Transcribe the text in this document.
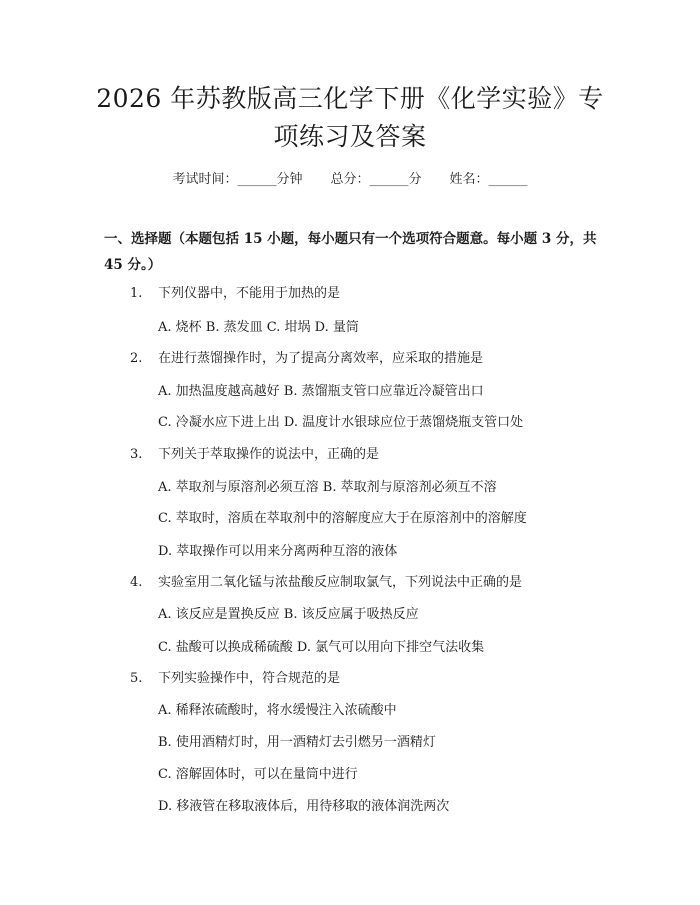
2026 年苏教版高三化学下册《化学实验》专
项练习及答案
考试时间：______分钟 总分：______分 姓名：______
一、选择题（本题包括 15 小题，每小题只有一个选项符合题意。每小题 3 分，共 45 分。）
1. 下列仪器中，不能用于加热的是
A. 烧杯 B. 蒸发皿 C. 坩埚 D. 量筒
2. 在进行蒸馏操作时，为了提高分离效率，应采取的措施是
A. 加热温度越高越好 B. 蒸馏瓶支管口应靠近冷凝管出口
C. 冷凝水应下进上出 D. 温度计水银球应位于蒸馏烧瓶支管口处
3. 下列关于萃取操作的说法中，正确的是
A. 萃取剂与原溶剂必须互溶 B. 萃取剂与原溶剂必须互不溶
C. 萃取时，溶质在萃取剂中的溶解度应大于在原溶剂中的溶解度
D. 萃取操作可以用来分离两种互溶的液体
4. 实验室用二氧化锰与浓盐酸反应制取氯气，下列说法中正确的是
A. 该反应是置换反应 B. 该反应属于吸热反应
C. 盐酸可以换成稀硫酸 D. 氯气可以用向下排空气法收集
5. 下列实验操作中，符合规范的是
A. 稀释浓硫酸时，将水缓慢注入浓硫酸中
B. 使用酒精灯时，用一酒精灯去引燃另一酒精灯
C. 溶解固体时，可以在量筒中进行
D. 移液管在移取液体后，用待移取的液体润洗两次
